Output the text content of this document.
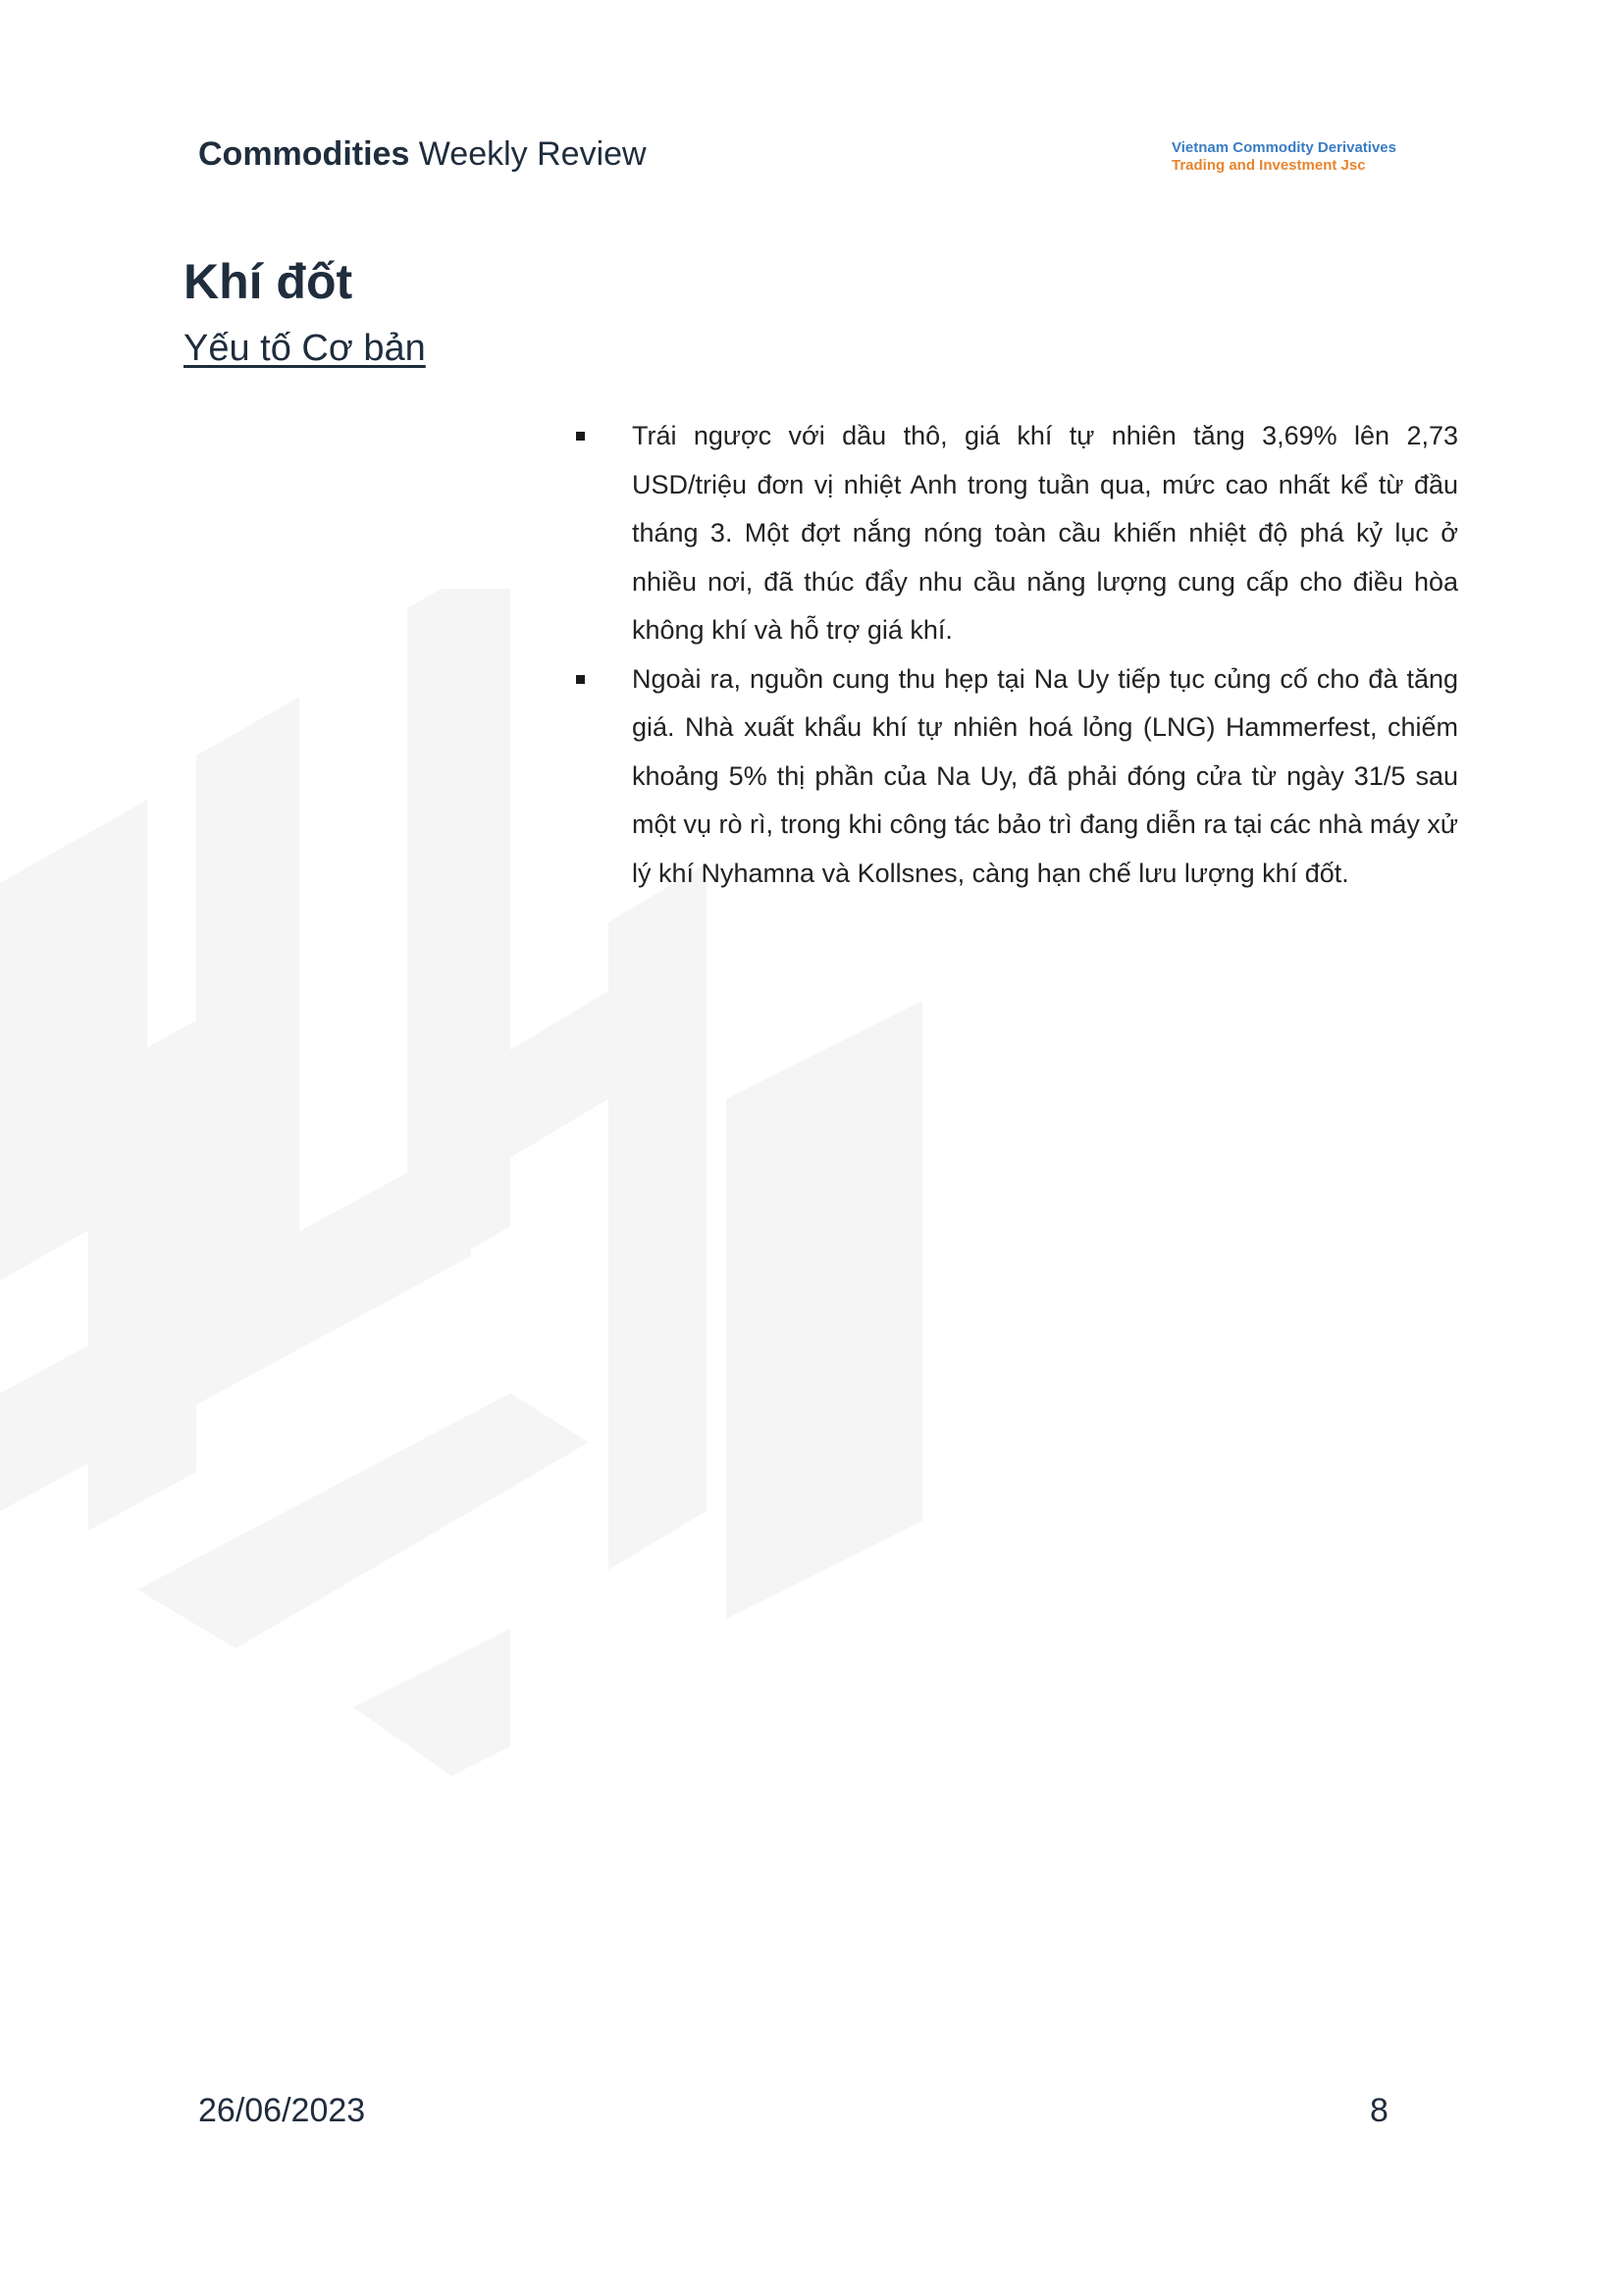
Commodities Weekly Review	Vietnam Commodity Derivatives
Trading and Investment Jsc
Khí đốt
Yếu tố Cơ bản
Trái ngược với dầu thô, giá khí tự nhiên tăng 3,69% lên 2,73 USD/triệu đơn vị nhiệt Anh trong tuần qua, mức cao nhất kể từ đầu tháng 3. Một đợt nắng nóng toàn cầu khiến nhiệt độ phá kỷ lục ở nhiều nơi, đã thúc đẩy nhu cầu năng lượng cung cấp cho điều hòa không khí và hỗ trợ giá khí.
Ngoài ra, nguồn cung thu hẹp tại Na Uy tiếp tục củng cố cho đà tăng giá. Nhà xuất khẩu khí tự nhiên hoá lỏng (LNG) Hammerfest, chiếm khoảng 5% thị phần của Na Uy, đã phải đóng cửa từ ngày 31/5 sau một vụ rò rì, trong khi công tác bảo trì đang diễn ra tại các nhà máy xử lý khí Nyhamna và Kollsnes, càng hạn chế lưu lượng khí đốt.
26/06/2023	8
